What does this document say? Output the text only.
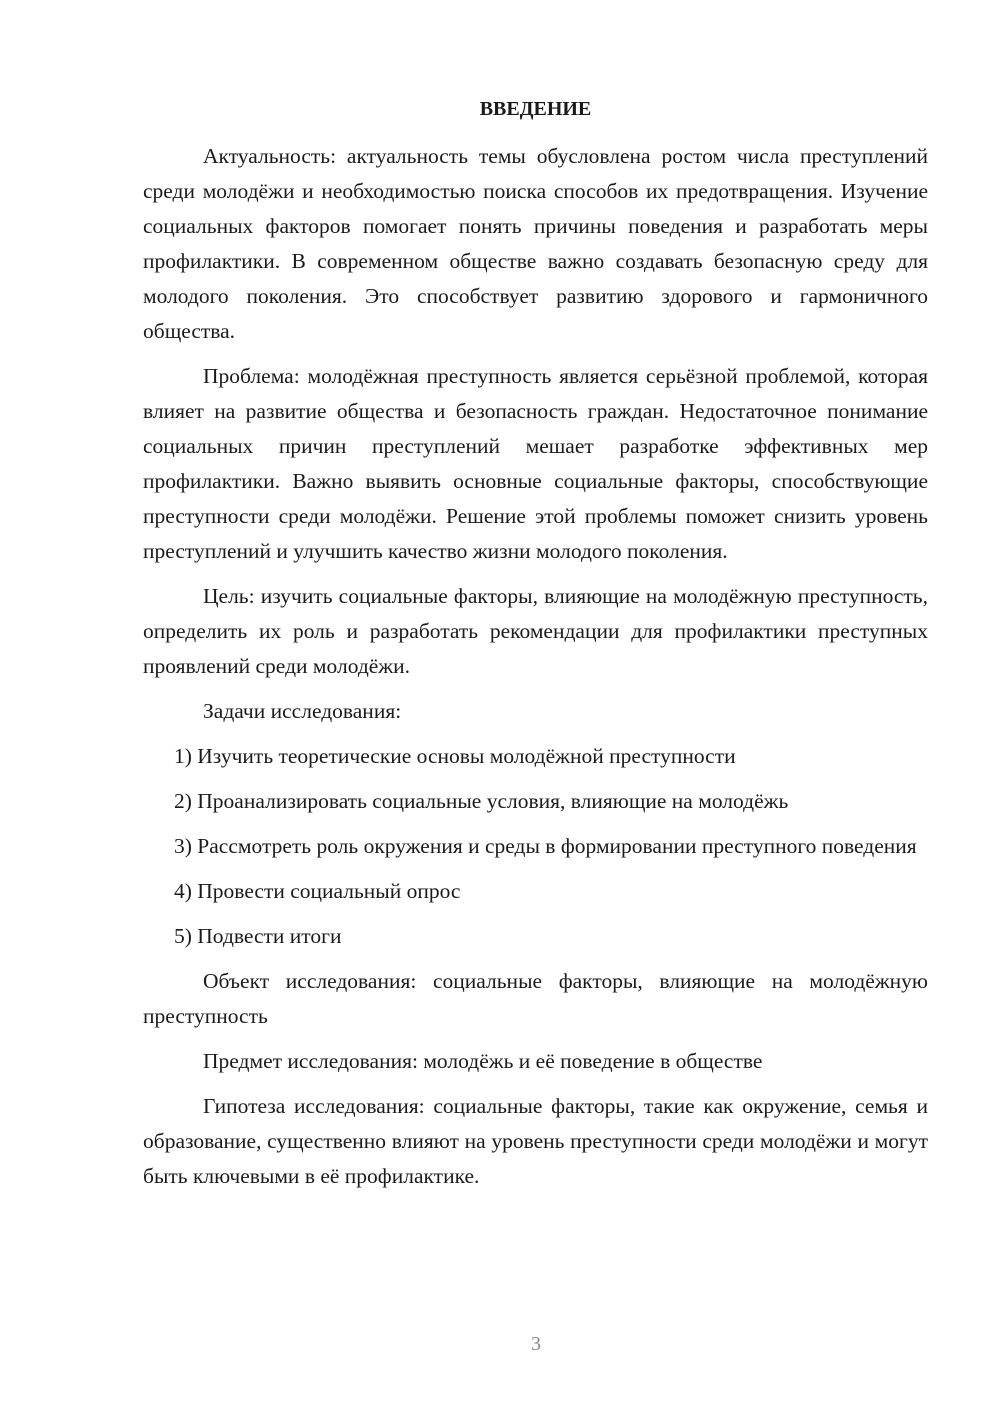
ВВЕДЕНИЕ

Актуальность: актуальность темы обусловлена ростом числа преступлений среди молодёжи и необходимостью поиска способов их предотвращения. Изучение социальных факторов помогает понять причины поведения и разработать меры профилактики. В современном обществе важно создавать безопасную среду для молодого поколения. Это способствует развитию здорового и гармоничного общества.

Проблема: молодёжная преступность является серьёзной проблемой, которая влияет на развитие общества и безопасность граждан. Недостаточное понимание социальных причин преступлений мешает разработке эффективных мер профилактики. Важно выявить основные социальные факторы, способствующие преступности среди молодёжи. Решение этой проблемы поможет снизить уровень преступлений и улучшить качество жизни молодого поколения.

Цель: изучить социальные факторы, влияющие на молодёжную преступность, определить их роль и разработать рекомендации для профилактики преступных проявлений среди молодёжи.

Задачи исследования:

1) Изучить теоретические основы молодёжной преступности

2) Проанализировать социальные условия, влияющие на молодёжь

3) Рассмотреть роль окружения и среды в формировании преступного поведения

4) Провести социальный опрос

5) Подвести итоги

Объект исследования: социальные факторы, влияющие на молодёжную преступность

Предмет исследования: молодёжь и её поведение в обществе

Гипотеза исследования: социальные факторы, такие как окружение, семья и образование, существенно влияют на уровень преступности среди молодёжи и могут быть ключевыми в её профилактике.

3
